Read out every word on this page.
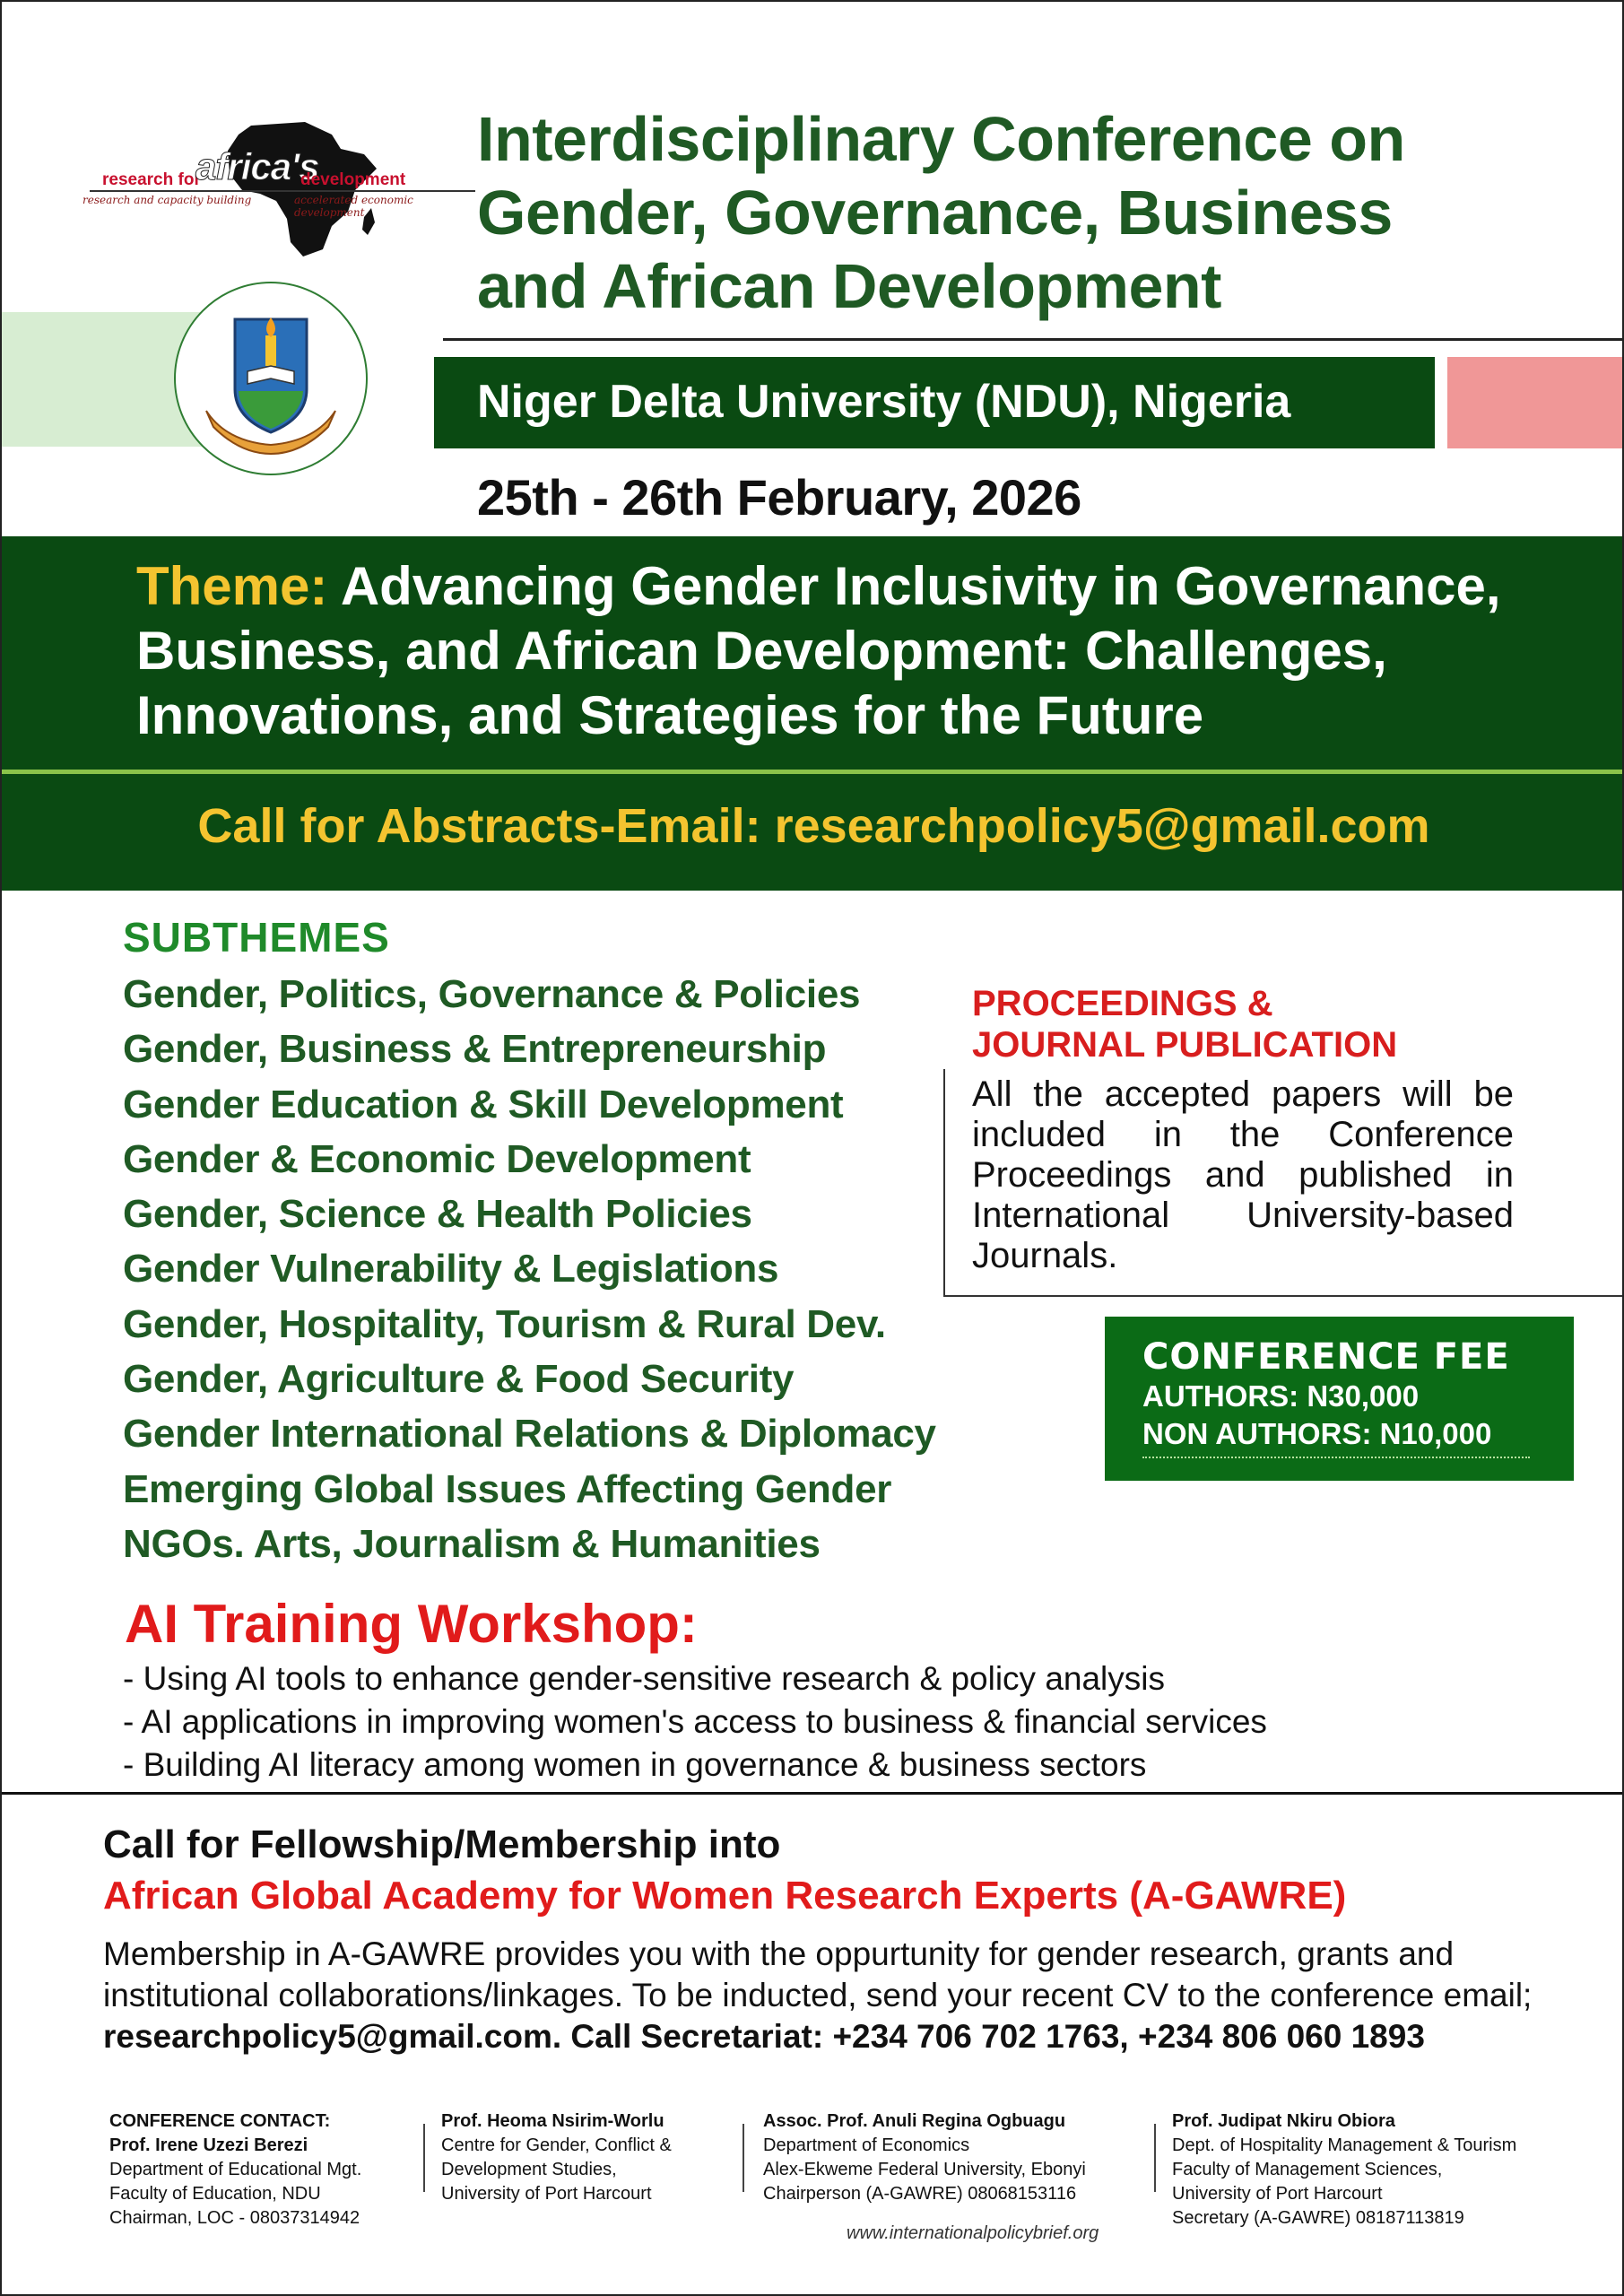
research for
africa's
development
research and capacity building	accelerated economic development
Interdisciplinary Conference on
Gender, Governance, Business
and African Development
Niger Delta University (NDU), Nigeria
25th - 26th February, 2026
Theme: Advancing Gender Inclusivity in Governance, Business, and African Development: Challenges, Innovations, and Strategies for the Future
Call for Abstracts-Email: researchpolicy5@gmail.com
SUBTHEMES
Gender, Politics, Governance & Policies
Gender, Business & Entrepreneurship
Gender Education & Skill Development
Gender & Economic Development
Gender, Science & Health Policies
Gender Vulnerability & Legislations
Gender, Hospitality, Tourism & Rural Dev.
Gender, Agriculture & Food Security
Gender International Relations & Diplomacy
Emerging Global Issues Affecting Gender
NGOs. Arts, Journalism & Humanities
PROCEEDINGS &
JOURNAL PUBLICATION
All the accepted papers will be included in the Conference Proceedings and published in International University-based Journals.
CONFERENCE FEE
AUTHORS: N30,000
NON AUTHORS: N10,000
AI Training Workshop:
- Using AI tools to enhance gender-sensitive research & policy analysis
- AI applications in improving women's access to business & financial services
- Building AI literacy among women in governance & business sectors
Call for Fellowship/Membership into
African Global Academy for Women Research Experts (A-GAWRE)
Membership in A-GAWRE provides you with the oppurtunity for gender research, grants and institutional collaborations/linkages. To be inducted, send your recent CV to the conference email; researchpolicy5@gmail.com. Call Secretariat: +234 706 702 1763, +234 806 060 1893
CONFERENCE CONTACT:
Prof. Irene Uzezi Berezi
Department of Educational Mgt.
Faculty of Education, NDU
Chairman, LOC - 08037314942
Prof. Heoma Nsirim-Worlu
Centre for Gender, Conflict &
Development Studies,
University of Port Harcourt
Assoc. Prof. Anuli Regina Ogbuagu
Department of Economics
Alex-Ekweme Federal University, Ebonyi
Chairperson (A-GAWRE) 08068153116
Prof. Judipat Nkiru Obiora
Dept. of Hospitality Management & Tourism
Faculty of Management Sciences,
University of Port Harcourt
Secretary (A-GAWRE) 08187113819
www.internationalpolicybrief.org
